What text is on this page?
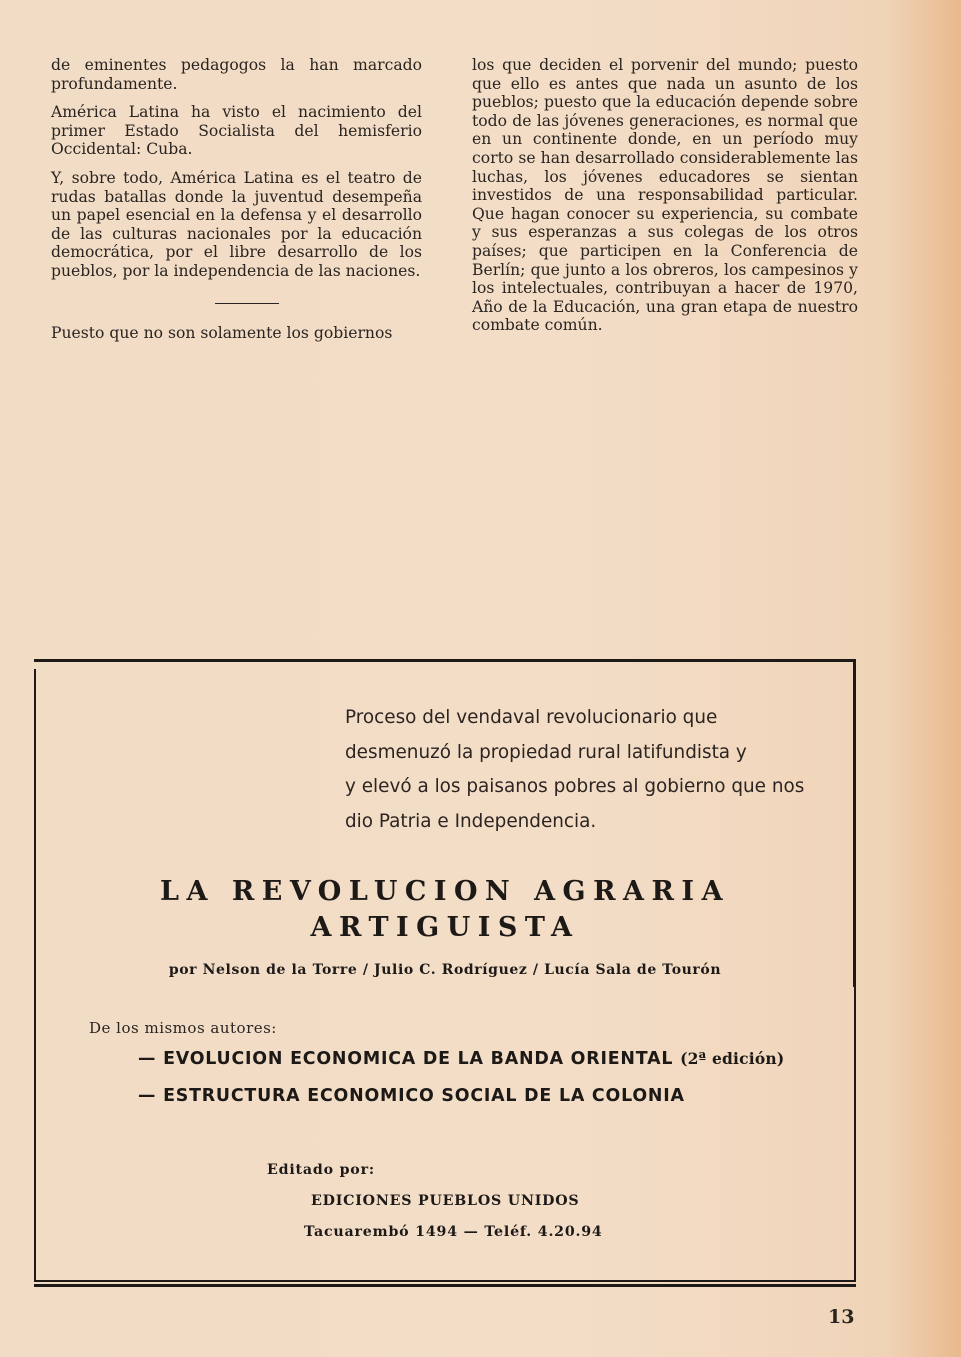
de eminentes pedagogos la han marcado profundamente.

América Latina ha visto el nacimiento del primer Estado Socialista del hemisferio Occidental: Cuba.

Y, sobre todo, América Latina es el teatro de rudas batallas donde la juventud desempeña un papel esencial en la defensa y el desarrollo de las culturas nacionales por la educación democrática, por el libre desarrollo de los pueblos, por la independencia de las naciones.

Puesto que no son solamente los gobiernos

los que deciden el porvenir del mundo; puesto que ello es antes que nada un asunto de los pueblos; puesto que la educación depende sobre todo de las jóvenes generaciones, es normal que en un continente donde, en un período muy corto se han desarrollado considerablemente las luchas, los jóvenes educadores se sientan investidos de una responsabilidad particular. Que hagan conocer su experiencia, su combate y sus esperanzas a sus colegas de los otros países; que participen en la Conferencia de Berlín; que junto a los obreros, los campesinos y los intelectuales, contribuyan a hacer de 1970, Año de la Educación, una gran etapa de nuestro combate común.

Proceso del vendaval revolucionario que
desmenuzó la propiedad rural latifundista y
y elevó a los paisanos pobres al gobierno que nos
dio Patria e Independencia.
LA REVOLUCION AGRARIA
ARTIGUISTA
por Nelson de la Torre / Julio C. Rodríguez / Lucía Sala de Tourón
De los mismos autores:
— EVOLUCION ECONOMICA DE LA BANDA ORIENTAL (2ª edición)
— ESTRUCTURA ECONOMICO SOCIAL DE LA COLONIA
Editado por:
EDICIONES PUEBLOS UNIDOS
Tacuarembó 1494 — Teléf. 4.20.94
13
